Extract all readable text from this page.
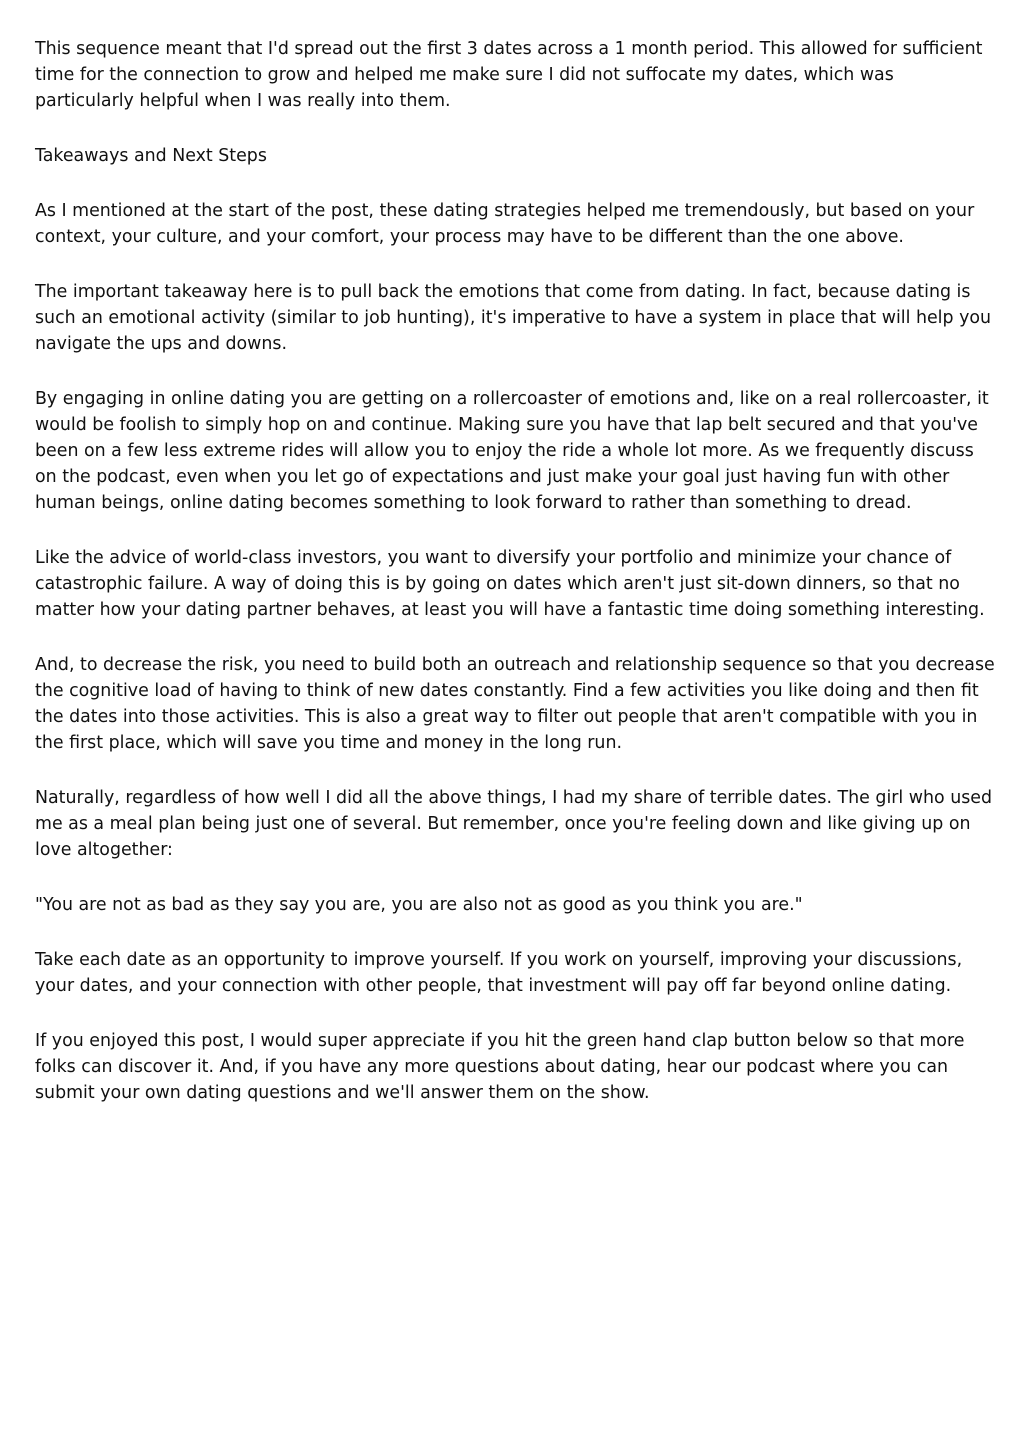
This sequence meant that I'd spread out the first 3 dates across a 1 month period. This allowed for sufficient time for the connection to grow and helped me make sure I did not suffocate my dates, which was particularly helpful when I was really into them.

Takeaways and Next Steps

As I mentioned at the start of the post, these dating strategies helped me tremendously, but based on your context, your culture, and your comfort, your process may have to be different than the one above.

The important takeaway here is to pull back the emotions that come from dating. In fact, because dating is such an emotional activity (similar to job hunting), it's imperative to have a system in place that will help you navigate the ups and downs.

By engaging in online dating you are getting on a rollercoaster of emotions and, like on a real rollercoaster, it would be foolish to simply hop on and continue. Making sure you have that lap belt secured and that you've been on a few less extreme rides will allow you to enjoy the ride a whole lot more. As we frequently discuss on the podcast, even when you let go of expectations and just make your goal just having fun with other human beings, online dating becomes something to look forward to rather than something to dread.

Like the advice of world-class investors, you want to diversify your portfolio and minimize your chance of catastrophic failure. A way of doing this is by going on dates which aren't just sit-down dinners, so that no matter how your dating partner behaves, at least you will have a fantastic time doing something interesting.

And, to decrease the risk, you need to build both an outreach and relationship sequence so that you decrease the cognitive load of having to think of new dates constantly. Find a few activities you like doing and then fit the dates into those activities. This is also a great way to filter out people that aren't compatible with you in the first place, which will save you time and money in the long run.

Naturally, regardless of how well I did all the above things, I had my share of terrible dates. The girl who used me as a meal plan being just one of several. But remember, once you're feeling down and like giving up on love altogether:

"You are not as bad as they say you are, you are also not as good as you think you are."

Take each date as an opportunity to improve yourself. If you work on yourself, improving your discussions, your dates, and your connection with other people, that investment will pay off far beyond online dating.

If you enjoyed this post, I would super appreciate if you hit the green hand clap button below so that more folks can discover it. And, if you have any more questions about dating, hear our podcast where you can submit your own dating questions and we'll answer them on the show.
